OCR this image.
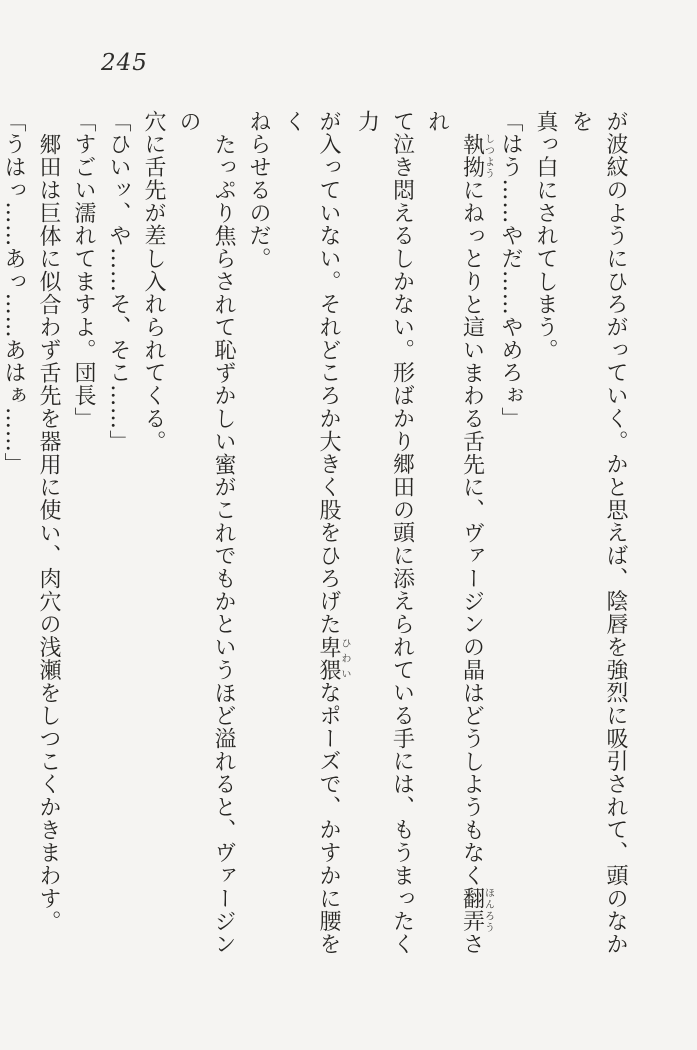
245
が波紋のようにひろがっていく。かと思えば、陰唇を強烈に吸引されて、頭のなかを
真っ白にされてしまう。
「はう……やだ……やめろぉ」
執拗しつようにねっとりと這いまわる舌先に、ヴァージンの晶はどうしようもなく翻弄ほんろうされ
て泣き悶えるしかない。形ばかり郷田の頭に添えられている手には、もうまったく力
が入っていない。それどころか大きく股をひろげた卑猥ひわいなポーズで、かすかに腰をく
ねらせるのだ。
たっぷり焦らされて恥ずかしい蜜がこれでもかというほど溢れると、ヴァージンの
穴に舌先が差し入れられてくる。
「ひいッ、や……そ、そこ……」
「すごい濡れてますよ。団長」
郷田は巨体に似合わず舌先を器用に使い、肉穴の浅瀬をしつこくかきまわす。
「うはっ……あっ……あはぁ……」
